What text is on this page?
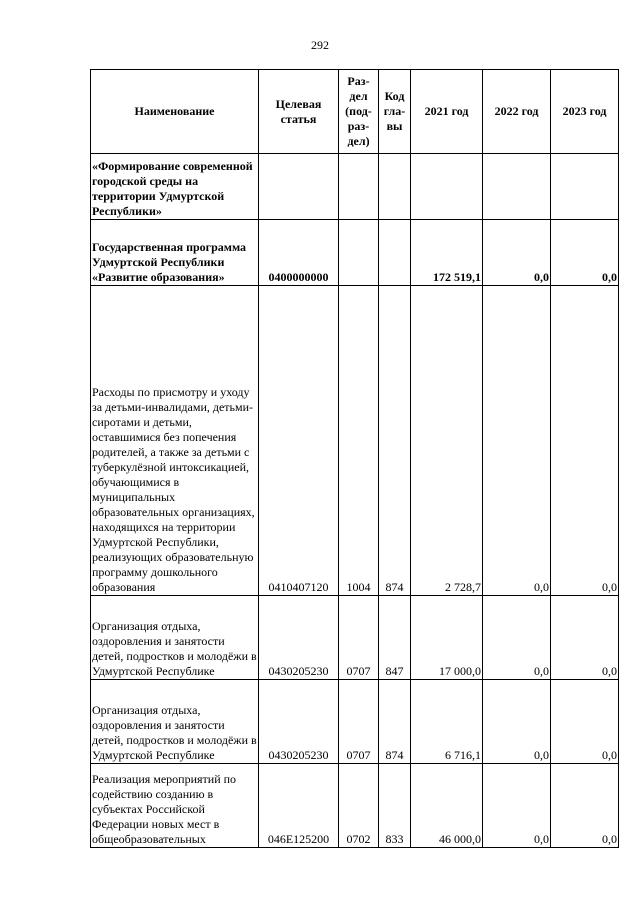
292
Наименование	Целевая статья	Раз-дел (под-раз-дел)	Код гла-вы	2021 год	2022 год	2023 год
«Формирование современной городской среды на территории Удмуртской Республики»						
Государственная программа Удмуртской Республики «Развитие образования»	0400000000			172 519,1	0,0	0,0
Расходы по присмотру и уходу за детьми-инвалидами, детьми-сиротами и детьми, оставшимися без попечения родителей, а также за детьми с туберкулёзной интоксикацией, обучающимися в муниципальных образовательных организациях, находящихся на территории Удмуртской Республики, реализующих образовательную программу дошкольного образования	0410407120	1004	874	2 728,7	0,0	0,0
Организация отдыха, оздоровления и занятости детей, подростков и молодёжи в Удмуртской Республике	0430205230	0707	847	17 000,0	0,0	0,0
Организация отдыха, оздоровления и занятости детей, подростков и молодёжи в Удмуртской Республике	0430205230	0707	874	6 716,1	0,0	0,0
Реализация мероприятий по содействию созданию в субъектах Российской Федерации новых мест в общеобразовательных	046E125200	0702	833	46 000,0	0,0	0,0
